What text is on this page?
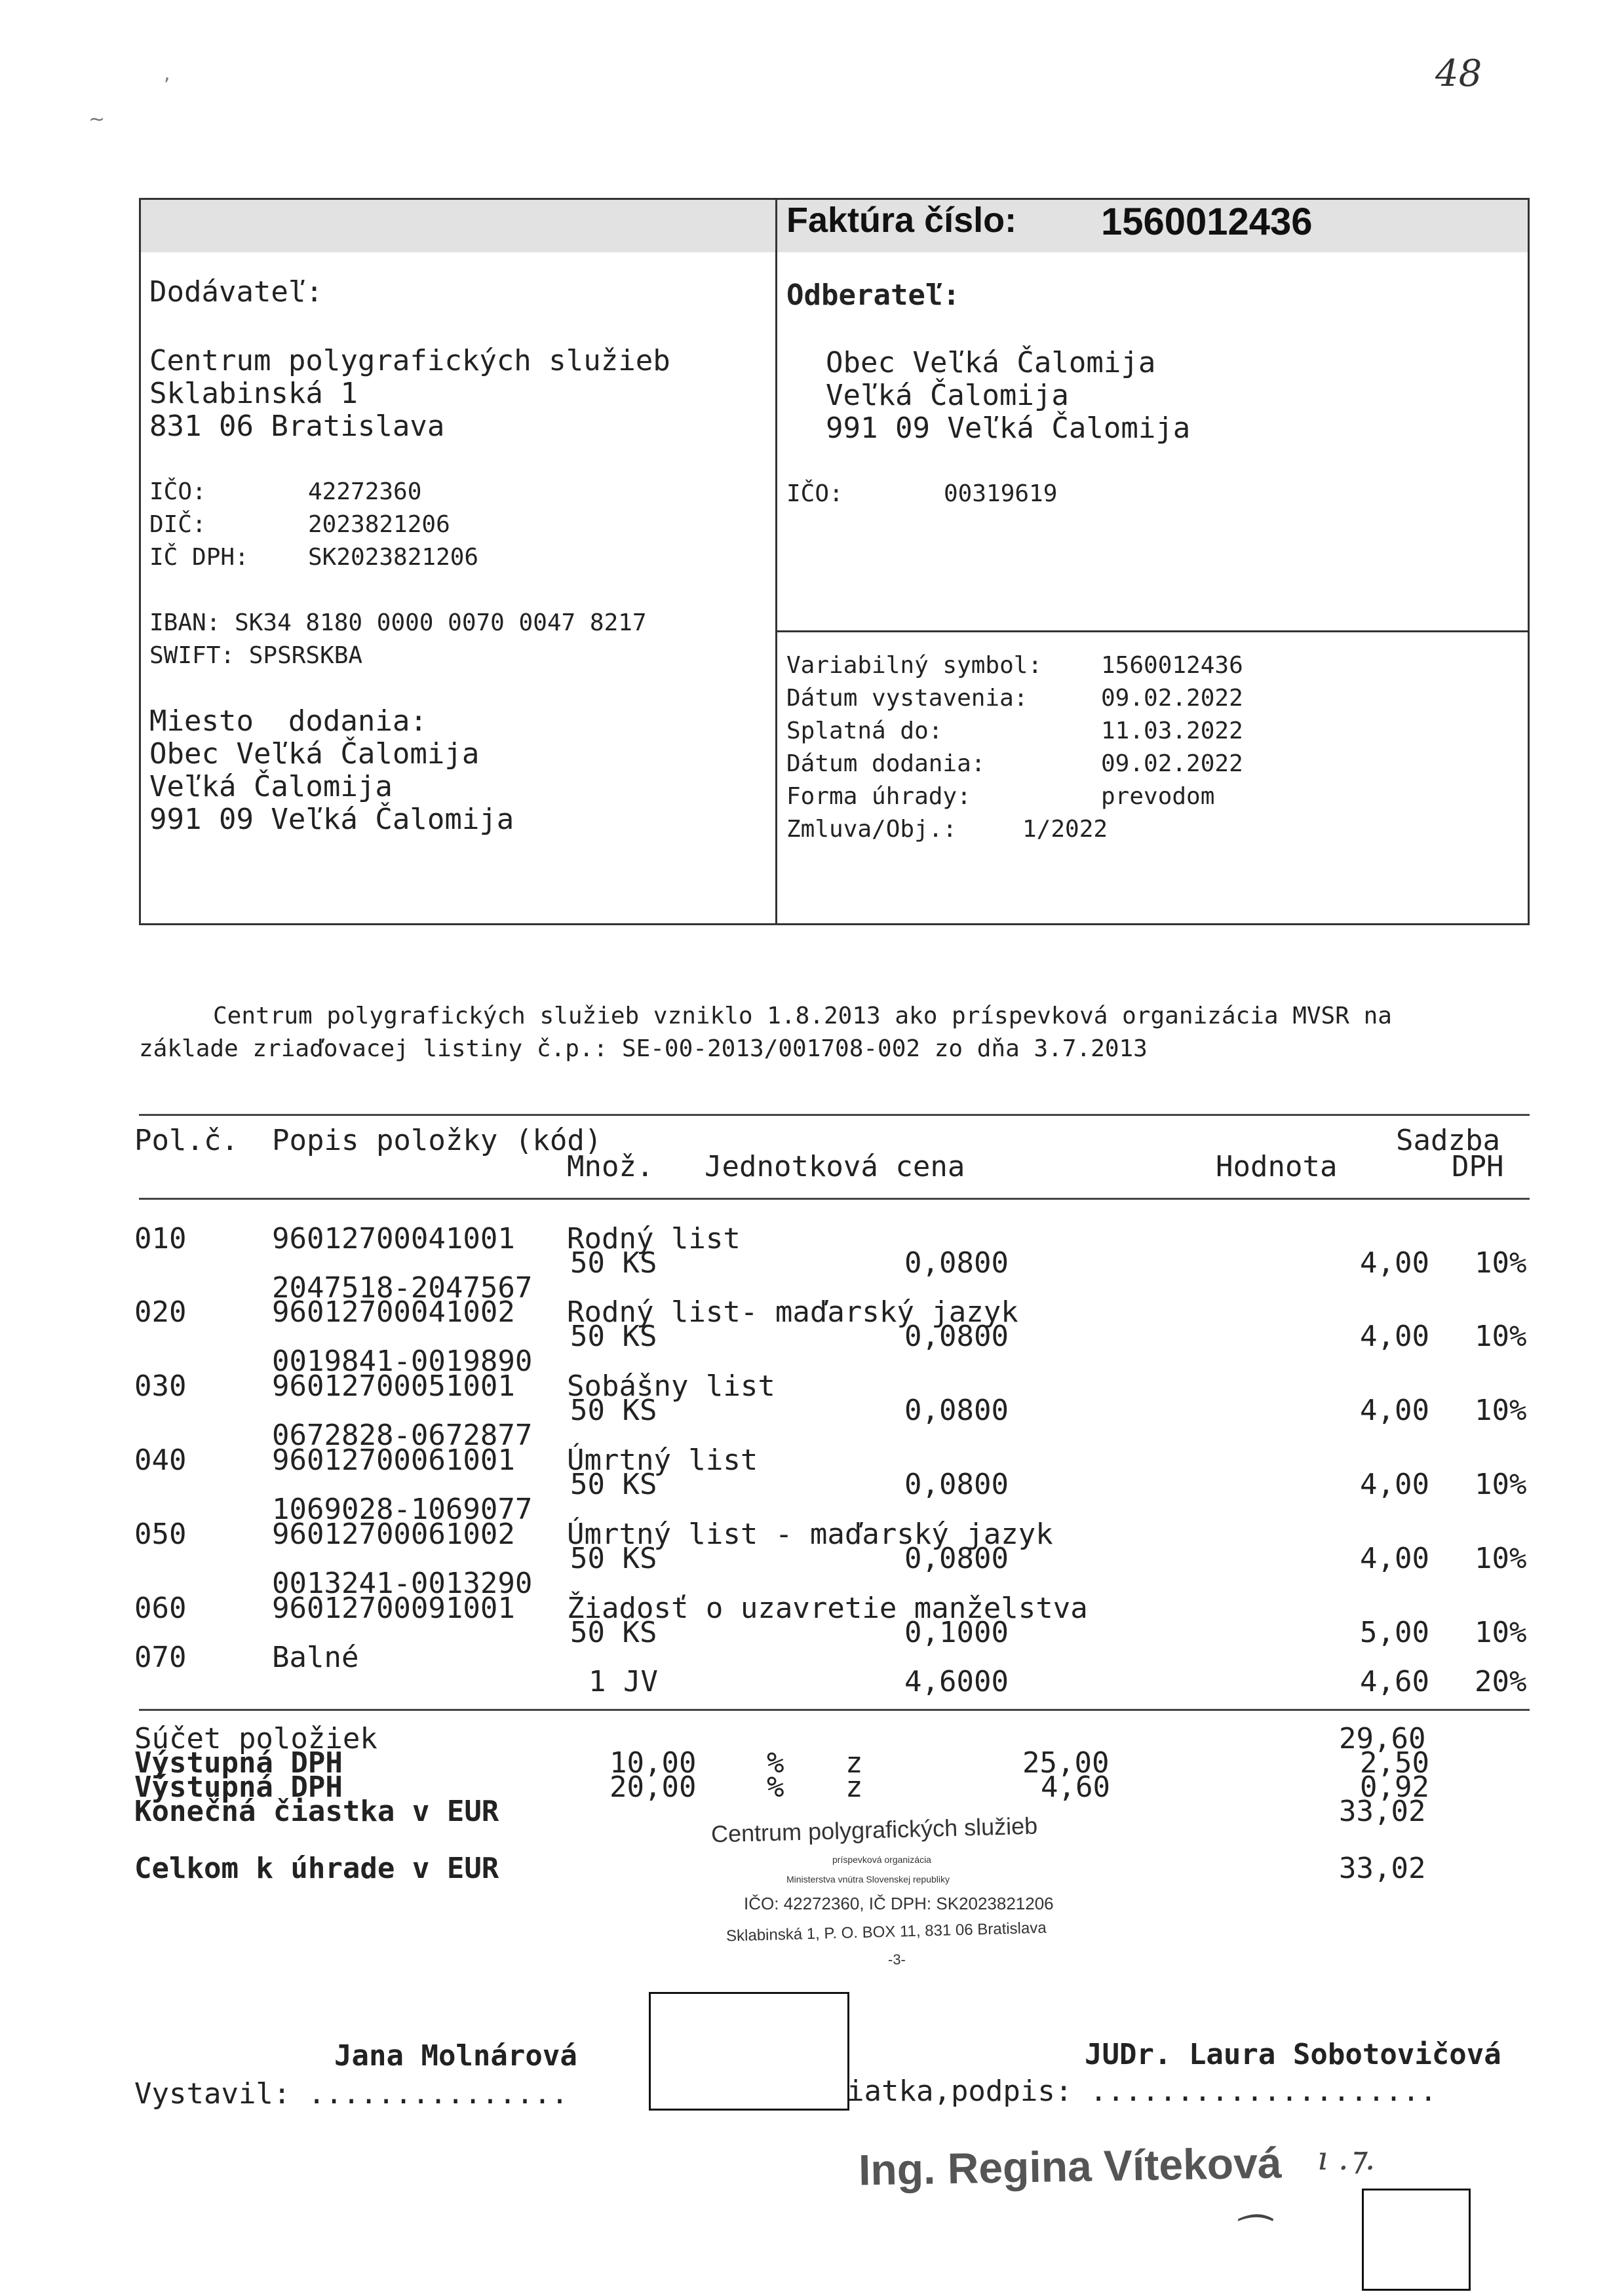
,
~
48
Faktúra číslo: 1560012436
Dodávateľ:
Centrum polygrafických služieb
Sklabinská 1
831 06 Bratislava
IČO:	42272360
DIČ:	2023821206
IČ DPH:	SK2023821206
IBAN: SK34 8180 0000 0070 0047 8217
SWIFT: SPSRSKBA
Miesto  dodania:
Obec Veľká Čalomija
Veľká Čalomija
991 09 Veľká Čalomija
Odberateľ:
Obec Veľká Čalomija
Veľká Čalomija
991 09 Veľká Čalomija
IČO:	00319619
Variabilný symbol: 1560012436
Dátum vystavenia:	09.02.2022
Splatná do:	11.03.2022
Dátum dodania:	09.02.2022
Forma úhrady:	prevodom
Zmluva/Obj.:	1/2022
Centrum polygrafických služieb vzniklo 1.8.2013 ako príspevková organizácia MVSR na
základe zriaďovacej listiny č.p.: SE-00-2013/001708-002 zo dňa 3.7.2013
Pol.č. Popis položky (kód)
Množ. Jednotková cena	Hodnota
Sadzba
DPH
010	96012700041001 Rodný list
50 KS	0,0800	4,00 10%
2047518-2047567
020	96012700041002 Rodný list- maďarský jazyk
50 KS	0,0800	4,00 10%
0019841-0019890
030	96012700051001 Sobášny list
50 KS	0,0800	4,00 10%
0672828-0672877
040	96012700061001 Úmrtný list
50 KS	0,0800	4,00 10%
1069028-1069077
050	96012700061002 Úmrtný list - maďarský jazyk
50 KS	0,0800	4,00 10%
0013241-0013290
060	96012700091001 Žiadosť o uzavretie manželstva
50 KS	0,1000	5,00 10%
070	Balné
1 JV	4,6000	4,60 20%
Súčet položiek	29,60
Výstupná DPH	10,00 % z	25,00	2,50
Výstupná DPH	20,00 % z	4,60	0,92
Konečná čiastka v EUR	33,02
Celkom k úhrade v EUR	33,02
Centrum polygrafických služieb
príspevková organizácia
Ministerstva vnútra Slovenskej republiky
IČO: 42272360, IČ DPH: SK2023821206
Sklabinská 1, P. O. BOX 11, 831 06 Bratislava
-3-
Jana Molnárová
Vystavil: ...............
JUDr. Laura Sobotovičová
iatka,podpis: ....................
Ing. Regina Víteková ı .⁊.
⁀
